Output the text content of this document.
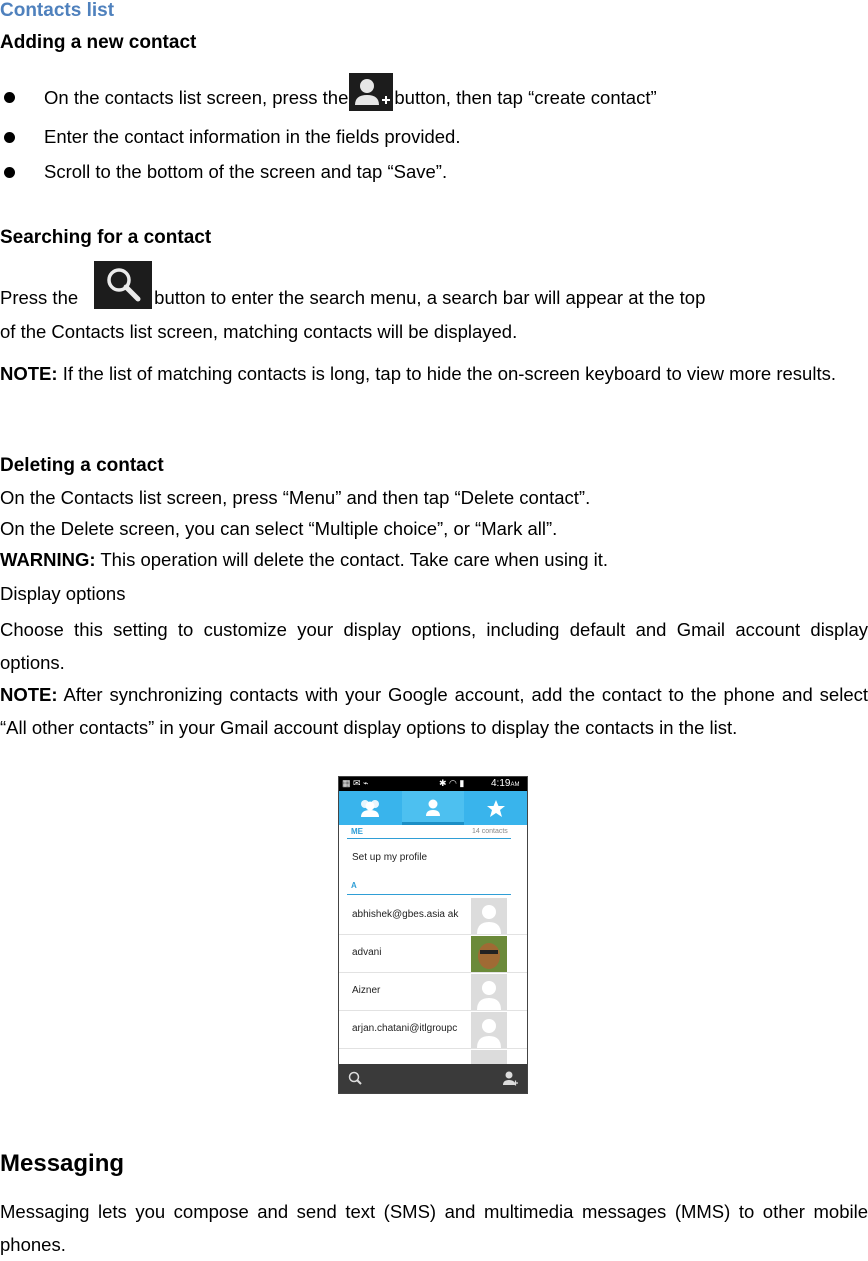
Contacts list
Adding a new contact
On the contacts list screen, press the button, then tap “create contact”
Enter the contact information in the fields provided.
Scroll to the bottom of the screen and tap “Save”.
Searching for a contact
Press the	button to enter the search menu, a search bar will appear at the top
of the Contacts list screen, matching contacts will be displayed.
NOTE: If the list of matching contacts is long, tap to hide the on-screen keyboard to view more results.
Deleting a contact
On the Contacts list screen, press “Menu” and then tap “Delete contact”.
On the Delete screen, you can select “Multiple choice”, or “Mark all”.
WARNING: This operation will delete the contact. Take care when using it.
Display options
Choose this setting to customize your display options, including default and Gmail account display options.
NOTE: After synchronizing contacts with your Google account, add the contact to the phone and select “All other contacts” in your Gmail account display options to display the contacts in the list.
▦ ✉ ⌁	✱ ◠ ▮	4:19AM
ME	14 contacts
Set up my profile
A
abhishek@gbes.asia ak
advani
Aizner
arjan.chatani@itlgroupc
Messaging
Messaging lets you compose and send text (SMS) and multimedia messages (MMS) to other mobile phones.
